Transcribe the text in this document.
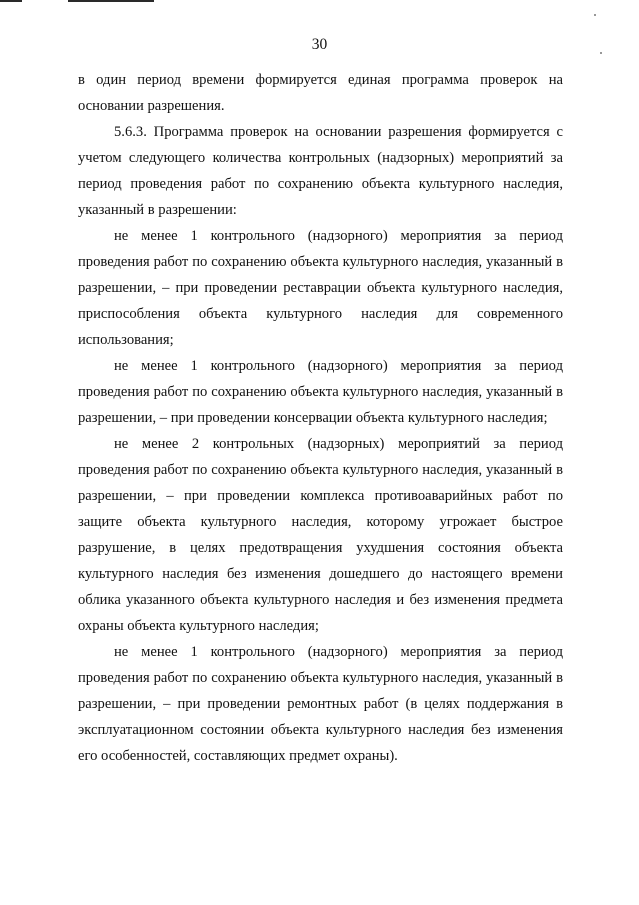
30

в один период времени формируется единая программа проверок на основании разрешения.

5.6.3. Программа проверок на основании разрешения формируется с учетом следующего количества контрольных (надзорных) мероприятий за период проведения работ по сохранению объекта культурного наследия, указанный в разрешении:

не менее 1 контрольного (надзорного) мероприятия за период проведения работ по сохранению объекта культурного наследия, указанный в разрешении, – при проведении реставрации объекта культурного наследия, приспособления объекта культурного наследия для современного использования;

не менее 1 контрольного (надзорного) мероприятия за период проведения работ по сохранению объекта культурного наследия, указанный в разрешении, – при проведении консервации объекта культурного наследия;

не менее 2 контрольных (надзорных) мероприятий за период проведения работ по сохранению объекта культурного наследия, указанный в разрешении, – при проведении комплекса противоаварийных работ по защите объекта культурного наследия, которому угрожает быстрое разрушение, в целях предотвращения ухудшения состояния объекта культурного наследия без изменения дошедшего до настоящего времени облика указанного объекта культурного наследия и без изменения предмета охраны объекта культурного наследия;

не менее 1 контрольного (надзорного) мероприятия за период проведения работ по сохранению объекта культурного наследия, указанный в разрешении, – при проведении ремонтных работ (в целях поддержания в эксплуатационном состоянии объекта культурного наследия без изменения его особенностей, составляющих предмет охраны).
